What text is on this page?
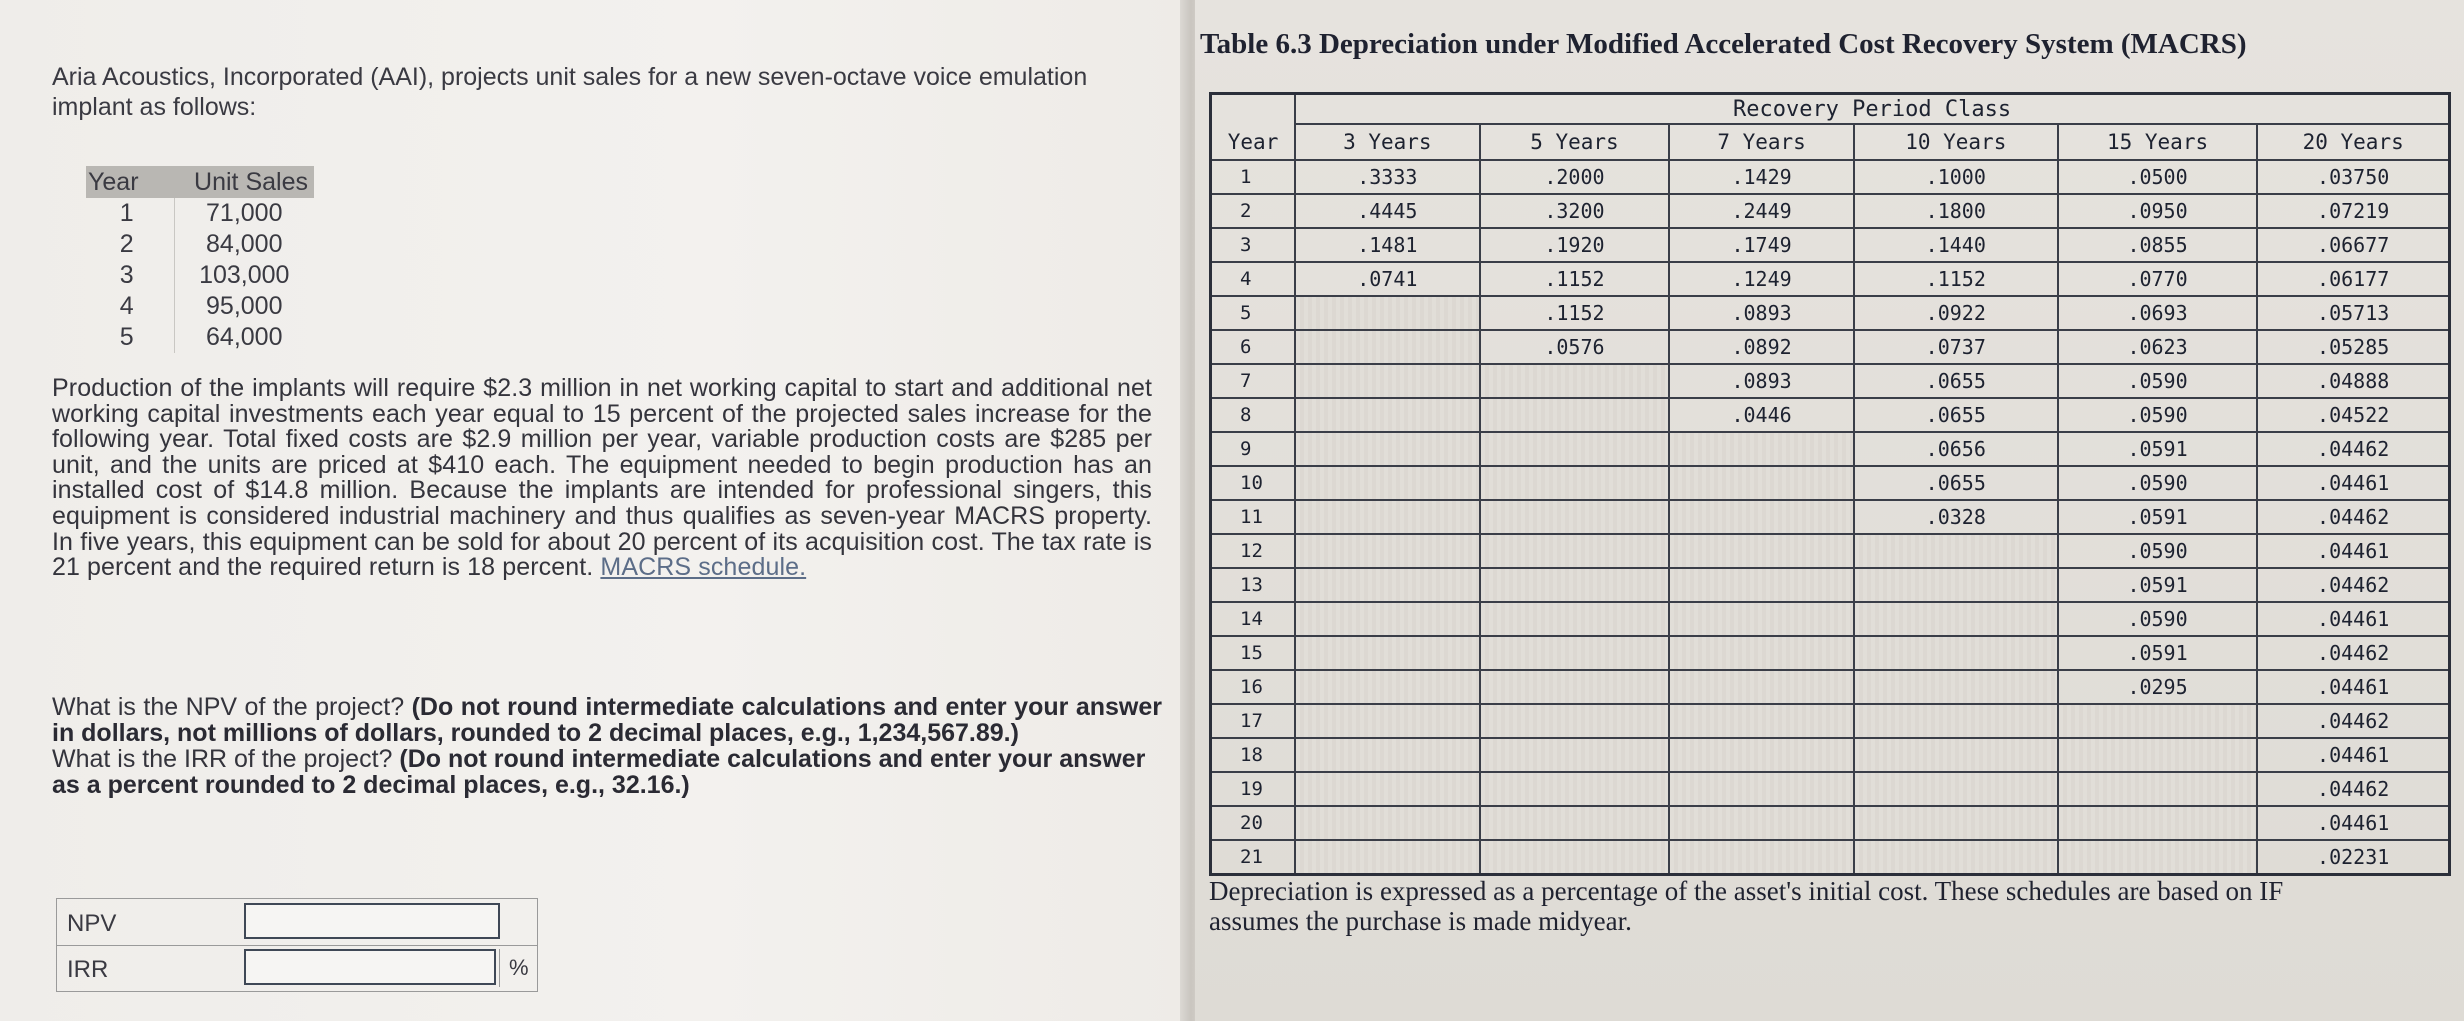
Aria Acoustics, Incorporated (AAI), projects unit sales for a new seven-octave voice emulation implant as follows:
Year	Unit Sales
1	71,000
2	84,000
3	103,000
4	95,000
5	64,000
Production of the implants will require $2.3 million in net working capital to start and additional net working capital investments each year equal to 15 percent of the projected sales increase for the following year. Total fixed costs are $2.9 million per year, variable production costs are $285 per unit, and the units are priced at $410 each. The equipment needed to begin production has an installed cost of $14.8 million. Because the implants are intended for professional singers, this equipment is considered industrial machinery and thus qualifies as seven-year MACRS property. In five years, this equipment can be sold for about 20 percent of its acquisition cost. The tax rate is 21 percent and the required return is 18 percent. MACRS schedule.
What is the NPV of the project? (Do not round intermediate calculations and enter your answer in dollars, not millions of dollars, rounded to 2 decimal places, e.g., 1,234,567.89.)
What is the IRR of the project? (Do not round intermediate calculations and enter your answer as a percent rounded to 2 decimal places, e.g., 32.16.)
NPV
IRR	%
Table 6.3 Depreciation under Modified Accelerated Cost Recovery System (MACRS)
	Recovery Period Class					
Year	3 Years	5 Years	7 Years	10 Years	15 Years	20 Years
1	.3333	.2000	.1429	.1000	.0500	.03750
2	.4445	.3200	.2449	.1800	.0950	.07219
3	.1481	.1920	.1749	.1440	.0855	.06677
4	.0741	.1152	.1249	.1152	.0770	.06177
5		.1152	.0893	.0922	.0693	.05713
6		.0576	.0892	.0737	.0623	.05285
7			.0893	.0655	.0590	.04888
8			.0446	.0655	.0590	.04522
9				.0656	.0591	.04462
10				.0655	.0590	.04461
11				.0328	.0591	.04462
12					.0590	.04461
13					.0591	.04462
14					.0590	.04461
15					.0591	.04462
16					.0295	.04461
17						.04462
18						.04461
19						.04462
20						.04461
21						.02231
Depreciation is expressed as a percentage of the asset's initial cost. These schedules are based on IF
assumes the purchase is made midyear.
